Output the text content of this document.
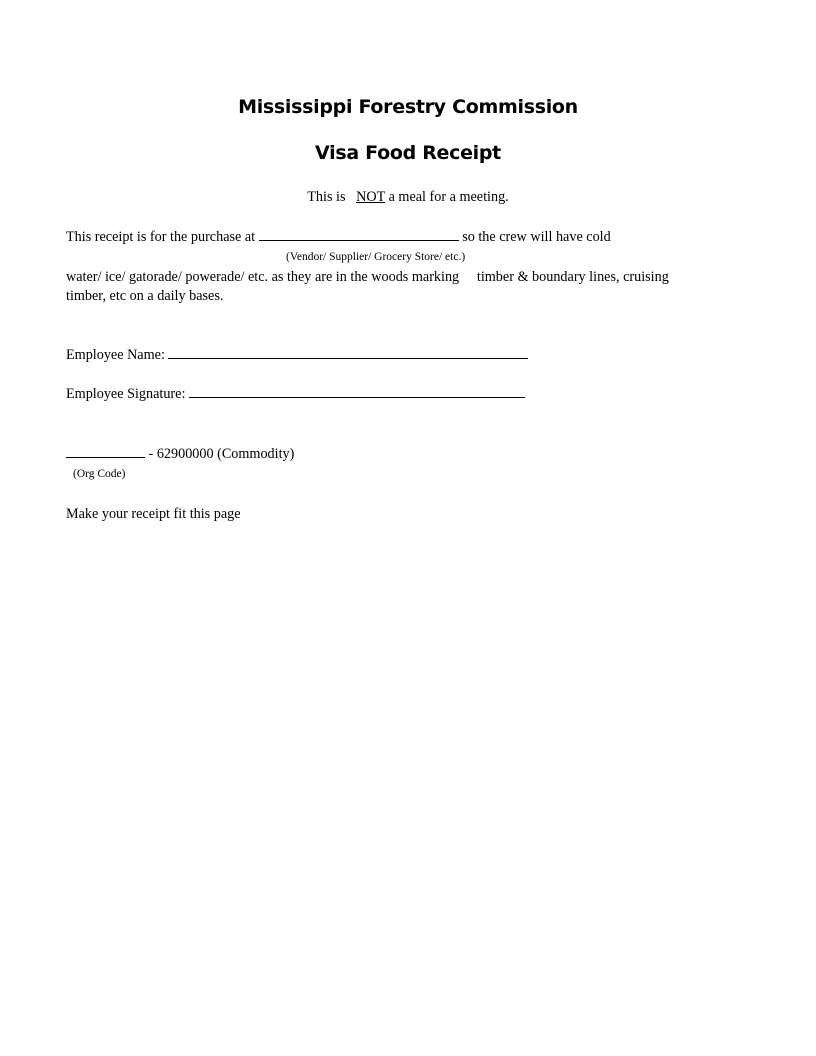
Mississippi Forestry Commission
Visa Food Receipt
This is NOT a meal for a meeting.
This receipt is for the purchase at	so the crew will have cold
(Vendor/ Supplier/ Grocery Store/ etc.)
water/ ice/ gatorade/ powerade/ etc. as they are in the woods marking timber & boundary lines, cruising
timber, etc on a daily bases.
Employee Name:
Employee Signature:
- 62900000 (Commodity)
(Org Code)
Make your receipt fit this page
